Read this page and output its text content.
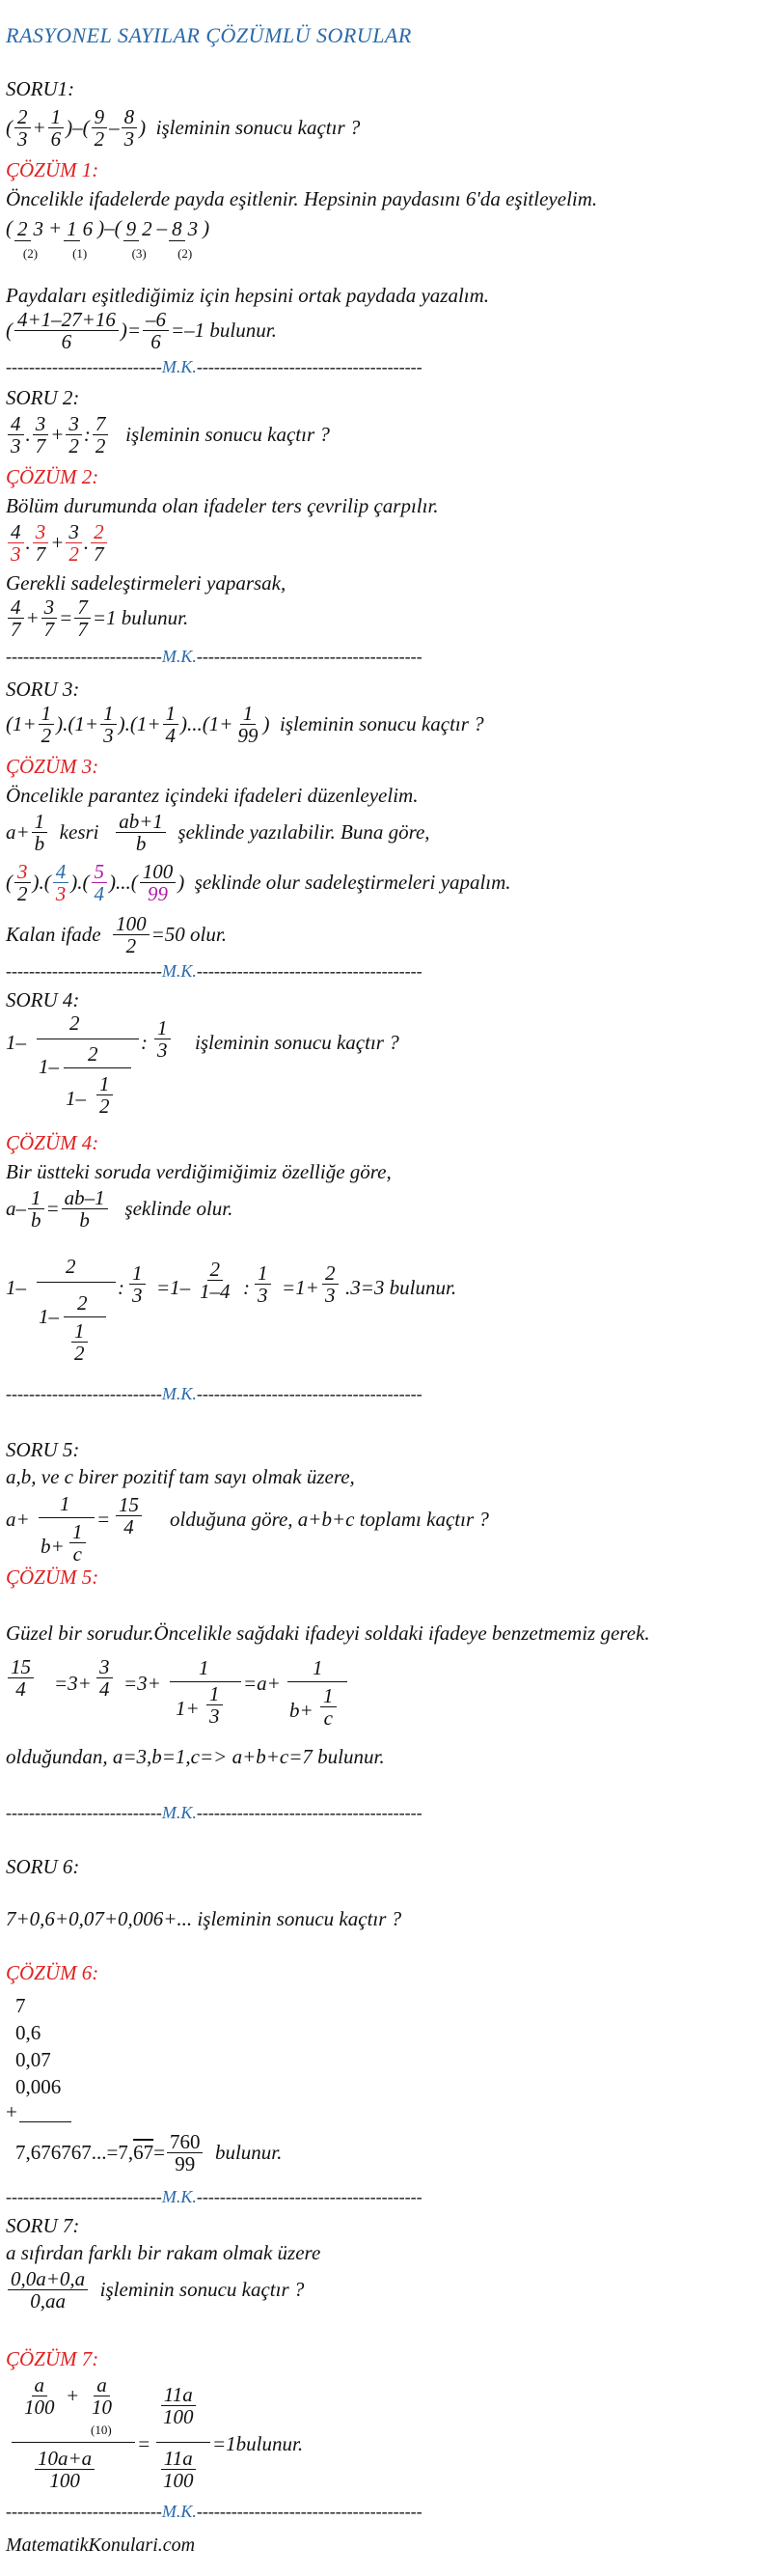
RASYONEL SAYILAR ÇÖZÜMLÜ SORULAR
SORU1:
( 2
3
+ $\frac{1}{6}$ )–( 9
2
– 8
3
) işleminin sonucu kaçtır ?
ÇÖZÜM 1:
Öncelikle ifadelerde payda eşitlenir. Hepsinin paydasını 6'da eşitleyelim.
( 2 3
(2)
+ 1 6
(1)
)–( 9 2
(3)
– 8 3
(2)
)
Paydaları eşitlediğimiz için hepsini ortak paydada yazalım.
( 4+1–27+16
6
)= $\frac{-6}{6} =-1$ bulunur.
---------------------------M.K.---------------------------------------
SORU 2:
4
3
. 3
7
+ $\frac{3}{2}$ : 7
2

işleminin sonucu kaçtır ?
ÇÖZÜM 2:
Bölüm durumunda olan ifadeler ters çevrilip çarpılır.
4
3
. 3
7
+ $\frac{3}{2}$ . 2
7
Gerekli sadeleştirmeleri yaparsak,
4
7
+ $\frac{3}{7} = \frac{7}{7} =1$ bulunur.
---------------------------M.K.---------------------------------------
SORU 3:
$(1+ \frac{1}{2} ).(1+ \frac{1}{3} ).(1+ \frac{1}{4} )...(1+ \frac{1}{99}$ ) işleminin sonucu kaçtır ?
ÇÖZÜM 3:
Öncelikle parantez içindeki ifadeleri düzenleyelim.
$a+ \frac{1}{b}$
kesri
ab+1
b

şeklinde yazılabilir. Buna göre,
( 3
2
).( 4
3
).( 5
4
)...( 100
99
) şeklinde olur sadeleştirmeleri yapalım.
Kalan ifade
$\frac{100}{2} =50$ olur.
---------------------------M.K.---------------------------------------
SORU 4:
1–
2
1–
2
1–
1
2
:
1
3 işleminin sonucu kaçtır ?
ÇÖZÜM 4:
Bir üstteki soruda verdiğimiğimiz özelliğe göre,
$a- \frac{1}{b} = \frac{ab-1}{b}$
şeklinde olur.
1–
2
1–
2
1
2
:
1
3 =1–
2
1–4 :
1
3 =1+
2
3 .3=3 bulunur.
---------------------------M.K.---------------------------------------
SORU 5:
a,b, ve c birer pozitif tam sayı olmak üzere,
a+
1
b+
1
c
=
15
4 olduğuna göre, a+b+c toplamı kaçtır ?
ÇÖZÜM 5:
Güzel bir sorudur.Öncelikle sağdaki ifadeyi soldaki ifadeye benzetmemiz gerek.
15
4 =3+
3
4 =3+
1
1+
1
3
=a+
1
b+
1
c
olduğundan, a=3,b=1,c=> a+b+c=7 bulunur.
---------------------------M.K.---------------------------------------
SORU 6:
7+0,6+0,07+0,006+... işleminin sonucu kaçtır ?
ÇÖZÜM 6:
7
0,6
0,07
0,006
+
7,676767...=7, $67 = \frac{760}{99}$
bulunur.
---------------------------M.K.---------------------------------------
SORU 7:
a sıfırdan farklı bir rakam olmak üzere
0,0a+0,a
0,aa

işleminin sonucu kaçtır ?
ÇÖZÜM 7:
a
100
+ a
10
(10)
10a+a
100
=
11a
100
11a
100
=1bulunur.
---------------------------M.K.---------------------------------------
MatematikKonulari.com
